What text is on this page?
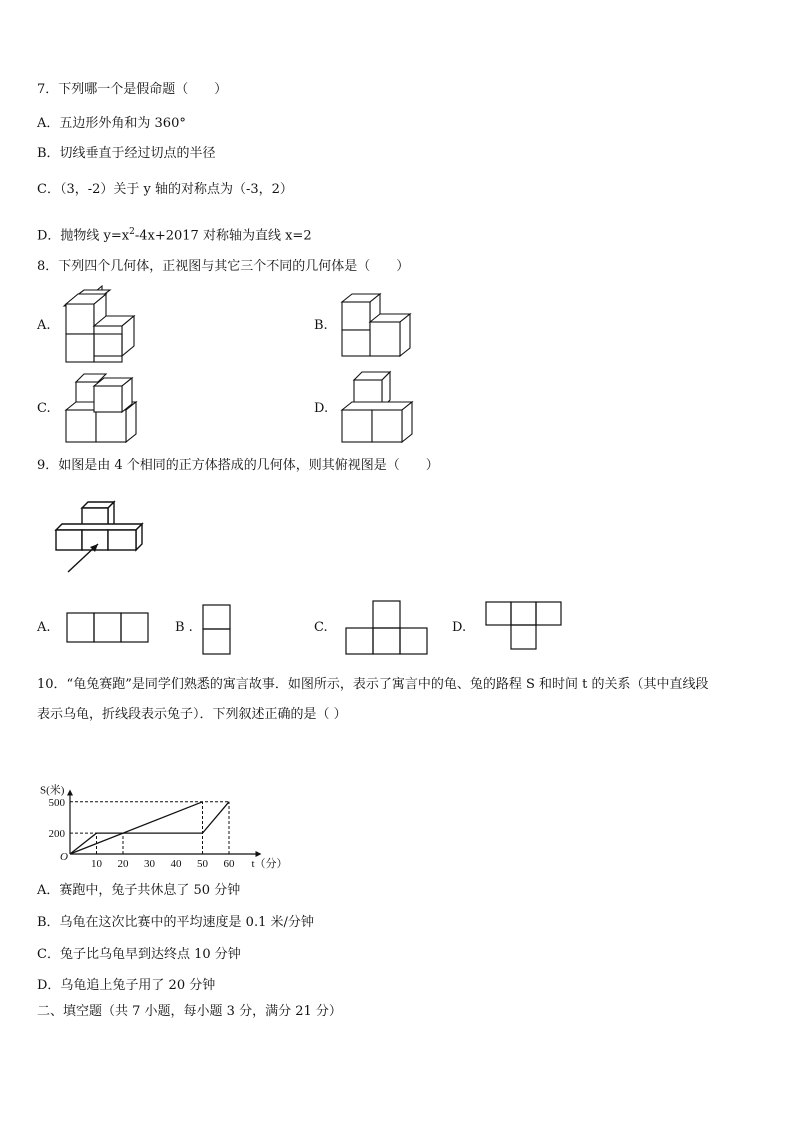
7．下列哪一个是假命题（　　）
A．五边形外角和为 360°
B．切线垂直于经过切点的半径
C．（3，-2）关于 y 轴的对称点为（-3，2）
D．抛物线 $y=x^2-4x+2017$ 对称轴为直线 x=2
8．下列四个几何体，正视图与其它三个不同的几何体是（　　）
A.	B.
C.	D.
9．如图是由 4 个相同的正方体搭成的几何体，则其俯视图是（　　）
A.	B .	C.	D.
10．“龟兔赛跑”是同学们熟悉的寓言故事．如图所示，表示了寓言中的龟、兔的路程 S 和时间 t 的关系（其中直线段
表示乌龟，折线段表示兔子）．下列叙述正确的是（ ）
10 20 30 40 50 60
200
500
O
S(米)
t（分）
A．赛跑中，兔子共休息了 50 分钟
B．乌龟在这次比赛中的平均速度是 0.1 米/分钟
C．兔子比乌龟早到达终点 10 分钟
D．乌龟追上兔子用了 20 分钟
二、填空题（共 7 小题，每小题 3 分，满分 21 分）
